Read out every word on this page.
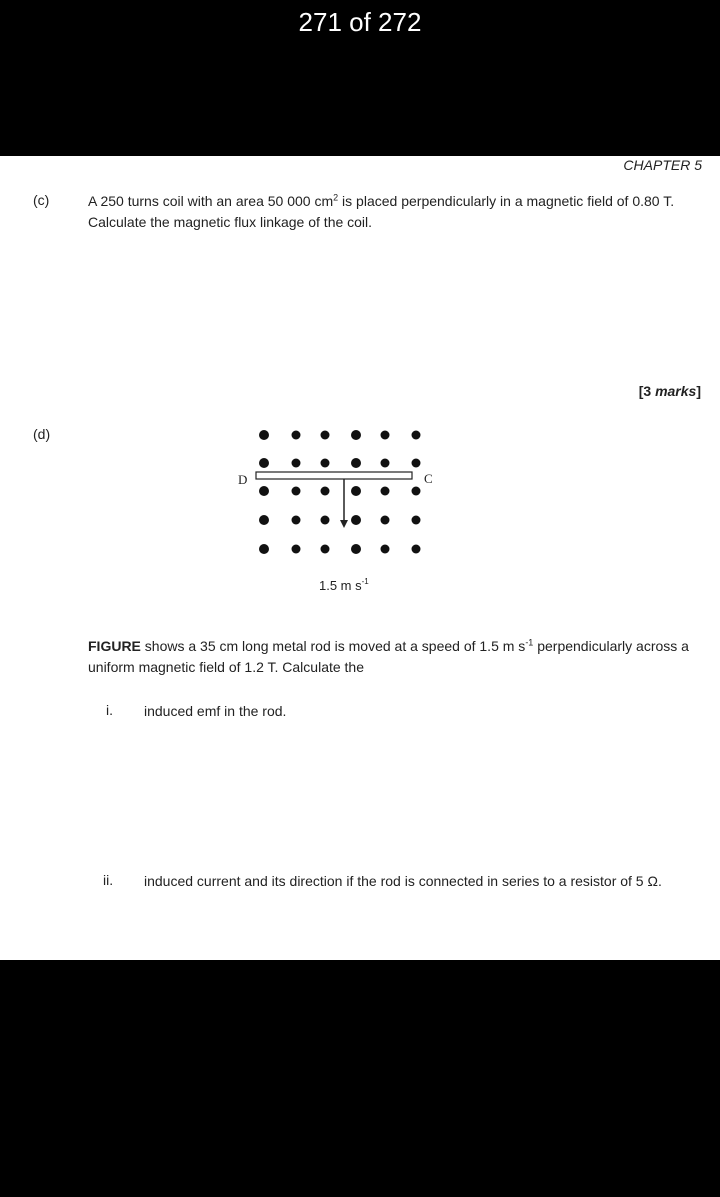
271 of 272
CHAPTER 5
(c)	A 250 turns coil with an area 50 000 $cm^2$ is placed perpendicularly in a magnetic field of 0.80 T. Calculate the magnetic flux linkage of the coil.
[3 marks]
(d)
D	C
1.5 m $s^{-1}$
FIGURE shows a 35 cm long metal rod is moved at a speed of 1.5 m $s^{-1}$ perpendicularly across a uniform magnetic field of 1.2 T. Calculate the
i. induced emf in the rod.
ii. induced current and its direction if the rod is connected in series to a resistor of 5 Ω.
